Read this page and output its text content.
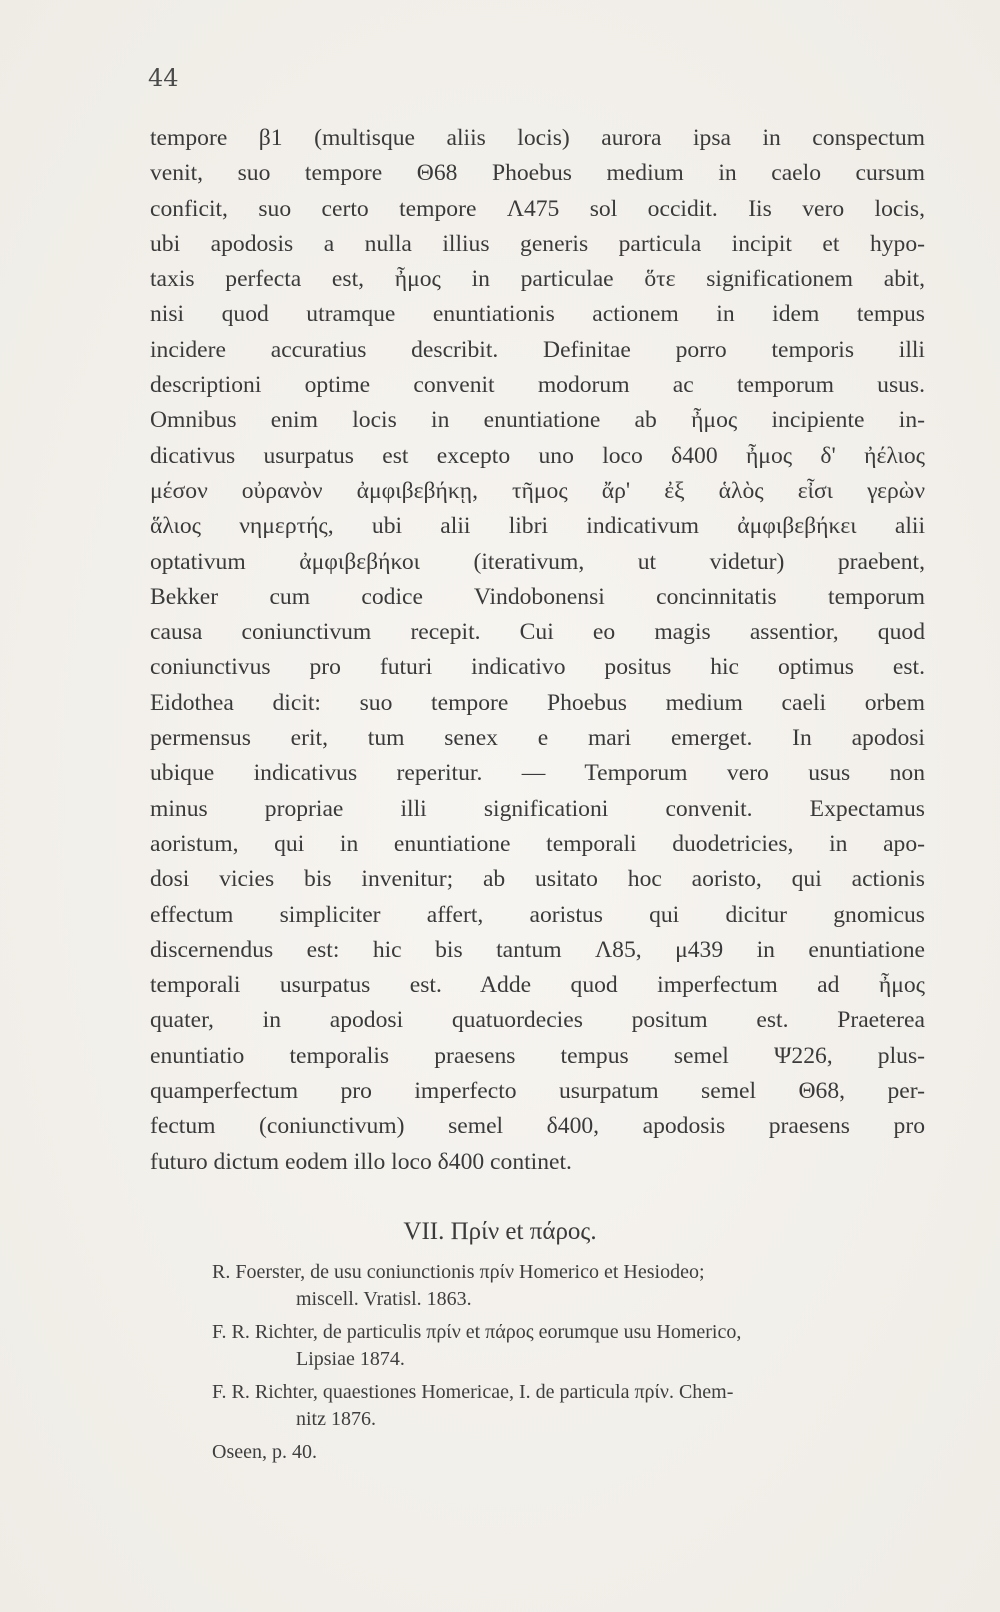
44
tempore β1 (multisque aliis locis) aurora ipsa in conspectum
venit, suo tempore Θ68 Phoebus medium in caelo cursum
conficit, suo certo tempore Λ475 sol occidit. Iis vero locis,
ubi apodosis a nulla illius generis particula incipit et hypo-
taxis perfecta est, ἦμος in particulae ὅτε significationem abit,
nisi quod utramque enuntiationis actionem in idem tempus
incidere accuratius describit. Definitae porro temporis illi
descriptioni optime convenit modorum ac temporum usus.
Omnibus enim locis in enuntiatione ab ἦμος incipiente in-
dicativus usurpatus est excepto uno loco δ400 ἦμος δ' ἠέλιος
μέσον οὐρανὸν ἀμφιβεβήκῃ, τῆμος ἄρ' ἐξ ἁλὸς εἶσι γερὼν
ἅλιος νημερτής, ubi alii libri indicativum ἀμφιβεβήκει alii
optativum ἀμφιβεβήκοι (iterativum, ut videtur) praebent,
Bekker cum codice Vindobonensi concinnitatis temporum
causa coniunctivum recepit. Cui eo magis assentior, quod
coniunctivus pro futuri indicativo positus hic optimus est.
Eidothea dicit: suo tempore Phoebus medium caeli orbem
permensus erit, tum senex e mari emerget. In apodosi
ubique indicativus reperitur. — Temporum vero usus non
minus propriae illi significationi convenit. Expectamus
aoristum, qui in enuntiatione temporali duodetricies, in apo-
dosi vicies bis invenitur; ab usitato hoc aoristo, qui actionis
effectum simpliciter affert, aoristus qui dicitur gnomicus
discernendus est: hic bis tantum Λ85, μ439 in enuntiatione
temporali usurpatus est. Adde quod imperfectum ad ἦμος
quater, in apodosi quatuordecies positum est. Praeterea
enuntiatio temporalis praesens tempus semel Ψ226, plus-
quamperfectum pro imperfecto usurpatum semel Θ68, per-
fectum (coniunctivum) semel δ400, apodosis praesens pro
futuro dictum eodem illo loco δ400 continet.
VII. Πρίν et πάρος.
R. Foerster, de usu coniunctionis πρίν Homerico et Hesiodeo;
miscell. Vratisl. 1863.
F. R. Richter, de particulis πρίν et πάρος eorumque usu Homerico,
Lipsiae 1874.
F. R. Richter, quaestiones Homericae, I. de particula πρίν. Chem-
nitz 1876.
Oseen, p. 40.
